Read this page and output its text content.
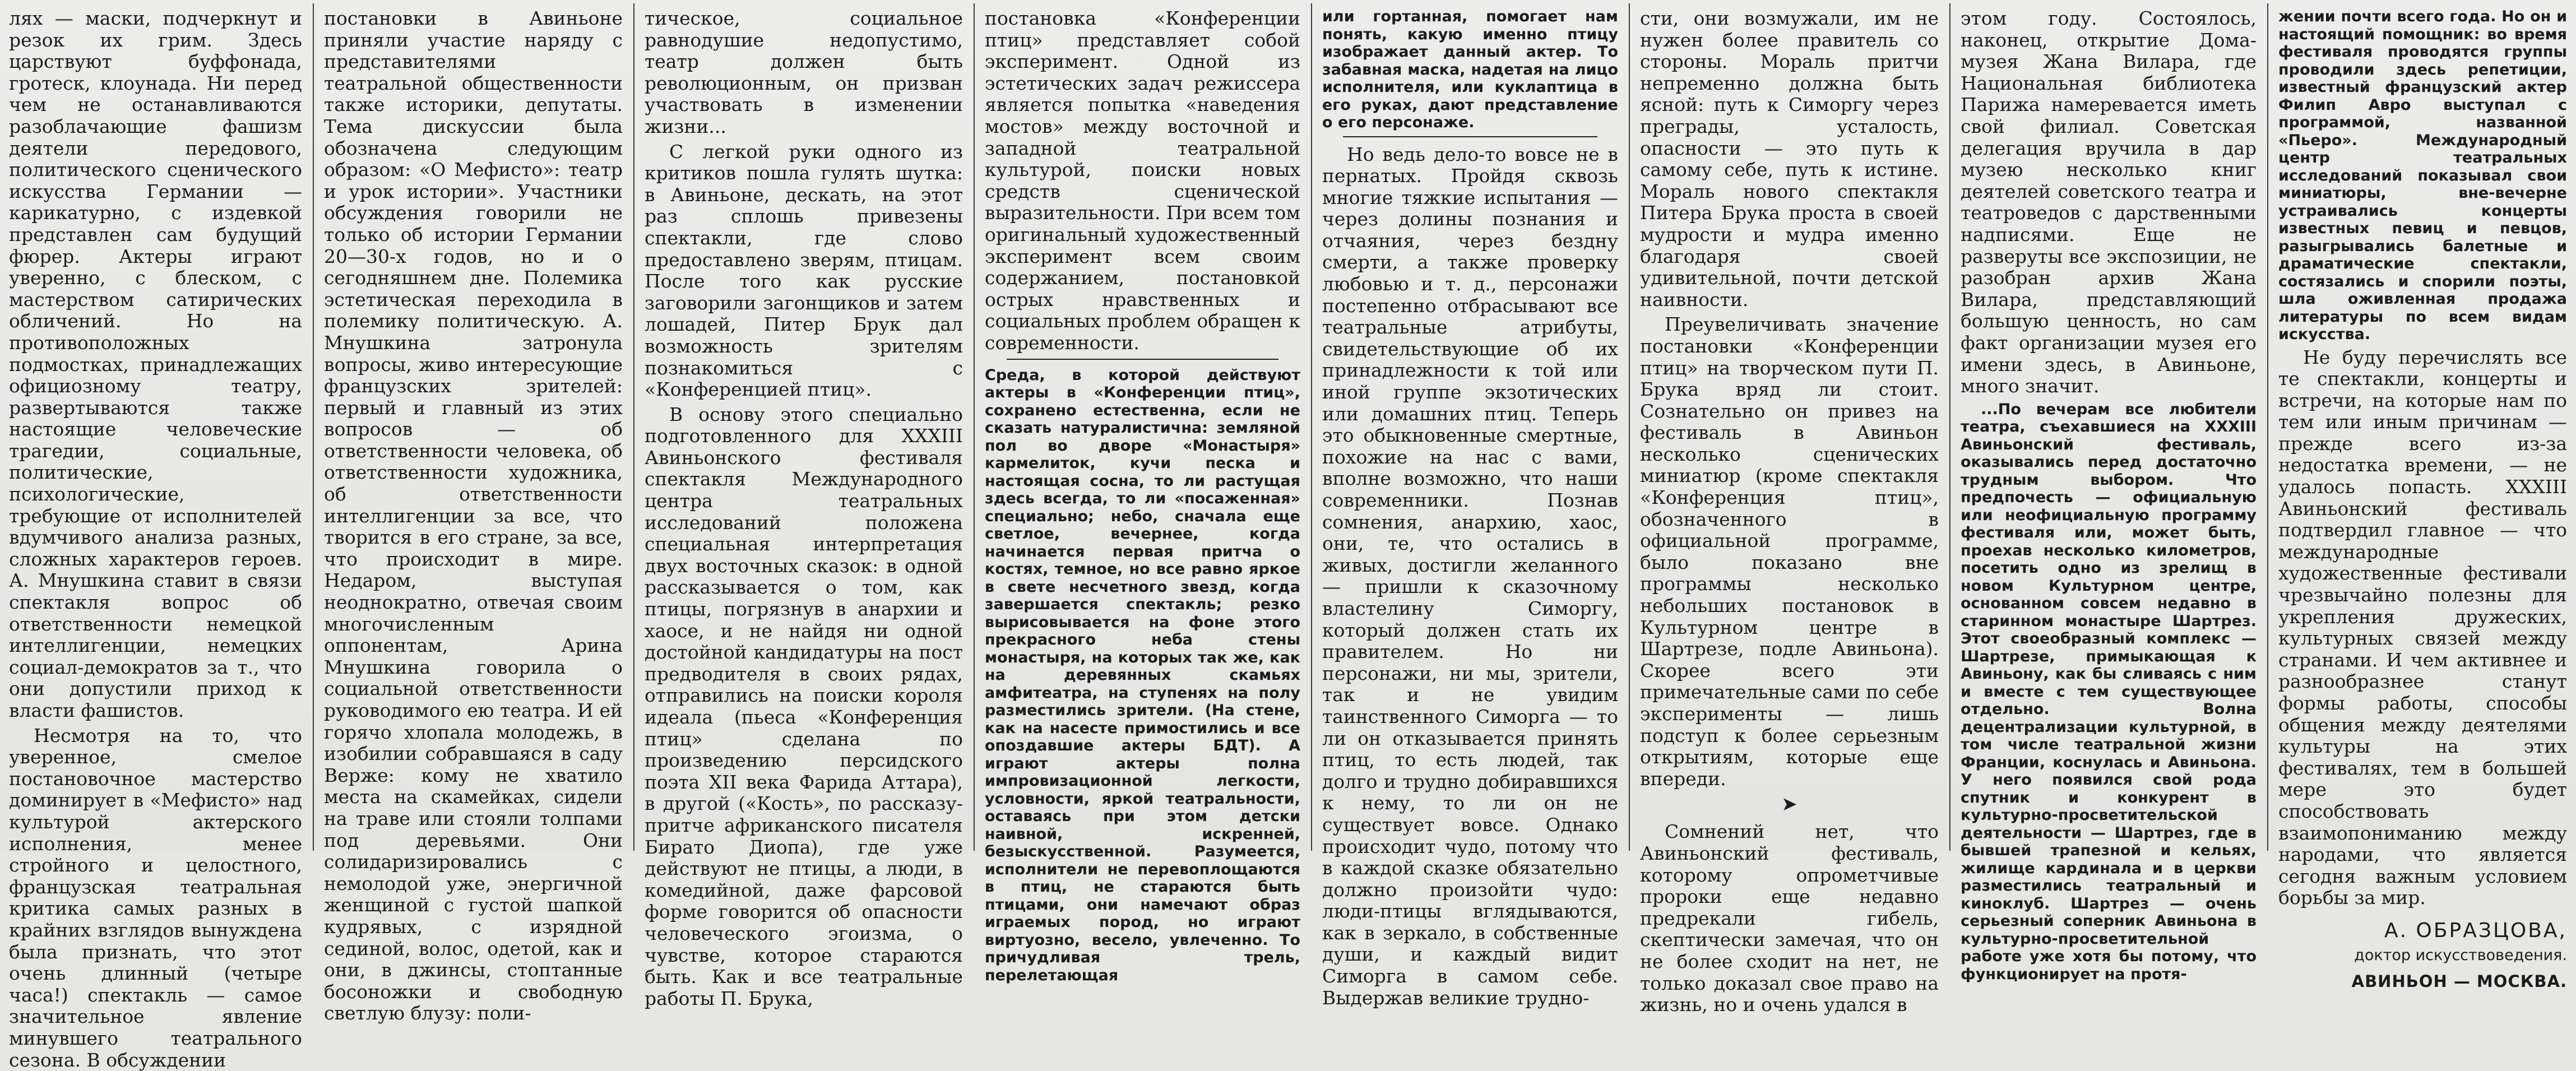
лях — маски, подчеркнут и резок их грим. Здесь царствуют буффонада, гротеск, клоунада. Ни перед чем не останавливаются разоблачающие фашизм деятели передового, политического сценического искусства Германии — карикатурно, с издевкой представлен сам будущий фюрер. Актеры играют уверенно, с блеском, с мастерством сатирических обличений. Но на противоположных подмостках, принадлежащих официозному театру, развертываются также настоящие человеческие трагедии, социальные, политические, психологические, требующие от исполнителей вдумчивого анализа разных, сложных характеров героев. А. Мнушкина ставит в связи спектакля вопрос об ответственности немецкой интеллигенции, немецких социал-демократов за т., что они допустили приход к власти фашистов.

Несмотря на то, что уверенное, смелое постановочное мастерство доминирует в «Мефисто» над культурой актерского исполнения, менее стройного и целостного, французская театральная критика самых разных в крайних взглядов вынуждена была признать, что этот очень длинный (четыре часа!) спектакль — самое значительное явление минувшего театрального сезона. В обсуждении

постановки в Авиньоне приняли участие наряду с представителями театральной общественности также историки, депутаты. Тема дискуссии была обозначена следующим образом: «О Мефисто»: театр и урок истории». Участники обсуждения говорили не только об истории Германии 20—30-х годов, но и о сегодняшнем дне. Полемика эстетическая переходила в полемику политическую. А. Мнушкина затронула вопросы, живо интересующие французских зрителей: первый и главный из этих вопросов — об ответственности человека, об ответственности художника, об ответственности интеллигенции за все, что творится в его стране, за все, что происходит в мире. Недаром, выступая неоднократно, отвечая своим многочисленным оппонентам, Арина Мнушкина говорила о социальной ответственности руководимого ею театра. И ей горячо хлопала молодежь, в изобилии собравшаяся в саду Верже: кому не хватило места на скамейках, сидели на траве или стояли толпами под деревьями. Они солидаризировались с немолодой уже, энергичной женщиной с густой шапкой кудрявых, с изрядной сединой, волос, одетой, как и они, в джинсы, стоптанные босоножки и свободную светлую блузу: поли-

тическое, социальное равнодушие недопустимо, театр должен быть революционным, он призван участвовать в изменении жизни...

С легкой руки одного из критиков пошла гулять шутка: в Авиньоне, дескать, на этот раз сплошь привезены спектакли, где слово предоставлено зверям, птицам. После того как русские заговорили загонщиков и затем лошадей, Питер Брук дал возможность зрителям познакомиться с «Конференцией птиц».

В основу этого специально подготовленного для XXXIII Авиньонского фестиваля спектакля Международного центра театральных исследований положена специальная интерпретация двух восточных сказок: в одной рассказывается о том, как птицы, погрязнув в анархии и хаосе, и не найдя ни одной достойной кандидатуры на пост предводителя в своих рядах, отправились на поиски короля идеала (пьеса «Конференция птиц» сделана по произведению персидского поэта XII века Фарида Аттара), в другой («Кость», по рассказу-притче африканского писателя Бирато Диопа), где уже действуют не птицы, а люди, в комедийной, даже фарсовой форме говорится об опасности человеческого эгоизма, о чувстве, которое стараются быть. Как и все театральные работы П. Брука,

постановка «Конференции птиц» представляет собой эксперимент. Одной из эстетических задач режиссера является попытка «наведения мостов» между восточной и западной театральной культурой, поиски новых средств сценической выразительности. При всем том оригинальный художественный эксперимент всем своим содержанием, постановкой острых нравственных и социальных проблем обращен к современности.

Среда, в которой действуют актеры в «Конференции птиц», сохранено естественна, если не сказать натуралистична: земляной пол во дворе «Монастыря» кармелиток, кучи песка и настоящая сосна, то ли растущая здесь всегда, то ли «посаженная» специально; небо, сначала еще светлое, вечернее, когда начинается первая притча о костях, темное, но все равно яркое в свете несчетного звезд, когда завершается спектакль; резко вырисовывается на фоне этого прекрасного неба стены монастыря, на которых так же, как на деревянных скамьях амфитеатра, на ступенях на полу разместились зрители. (На стене, как на насесте примостились и все опоздавшие актеры БДТ). А играют актеры полна импровизационной легкости, условности, яркой театральности, оставаясь при этом детски наивной, искренней, безыскусственной. Разумеется, исполнители не перевоплощаются в птиц, не стараются быть птицами, они намечают образ играемых пород, но играют виртуозно, весело, увлеченно. То причудливая трель, перелетающая

или гортанная, помогает нам понять, какую именно птицу изображает данный актер. То забавная маска, надетая на лицо исполнителя, или куклаптица в его руках, дают представление о его персонаже.

Но ведь дело-то вовсе не в пернатых. Пройдя сквозь многие тяжкие испытания — через долины познания и отчаяния, через бездну смерти, а также проверку любовью и т. д., персонажи постепенно отбрасывают все театральные атрибуты, свидетельствующие об их принадлежности к той или иной группе экзотических или домашних птиц. Теперь это обыкновенные смертные, похожие на нас с вами, вполне возможно, что наши современники. Познав сомнения, анархию, хаос, они, те, что остались в живых, достигли желанного — пришли к сказочному властелину Симоргу, который должен стать их правителем. Но ни персонажи, ни мы, зрители, так и не увидим таинственного Симорга — то ли он отказывается принять птиц, то есть людей, так долго и трудно добиравшихся к нему, то ли он не существует вовсе. Однако происходит чудо, потому что в каждой сказке обязательно должно произойти чудо: люди-птицы вглядываются, как в зеркало, в собственные души, и каждый видит Симорга в самом себе. Выдержав великие трудно-

сти, они возмужали, им не нужен более правитель со стороны. Мораль притчи непременно должна быть ясной: путь к Симоргу через преграды, усталость, опасности — это путь к самому себе, путь к истине. Мораль нового спектакля Питера Брука проста в своей мудрости и мудра именно благодаря своей удивительной, почти детской наивности.

Преувеличивать значение постановки «Конференции птиц» на творческом пути П. Брука вряд ли стоит. Сознательно он привез на фестиваль в Авиньон несколько сценических миниатюр (кроме спектакля «Конференция птиц», обозначенного в официальной программе, было показано вне программы несколько небольших постановок в Культурном центре в Шартрезе, подле Авиньона). Скорее всего эти примечательные сами по себе эксперименты — лишь подступ к более серьезным открытиям, которые еще впереди.

➤

Сомнений нет, что Авиньонский фестиваль, которому опрометчивые пророки еще недавно предрекали гибель, скептически замечая, что он не более сходит на нет, не только доказал свое право на жизнь, но и очень удался в

этом году. Состоялось, наконец, открытие Дома-музея Жана Вилара, где Национальная библиотека Парижа намеревается иметь свой филиал. Советская делегация вручила в дар музею несколько книг деятелей советского театра и театроведов с дарственными надписями. Еще не разверуты все экспозиции, не разобран архив Жана Вилара, представляющий большую ценность, но сам факт организации музея его имени здесь, в Авиньоне, много значит.

...По вечерам все любители театра, съехавшиеся на XXXIII Авиньонский фестиваль, оказывались перед достаточно трудным выбором. Что предпочесть — официальную или неофициальную программу фестиваля или, может быть, проехав несколько километров, посетить одно из зрелищ в новом Культурном центре, основанном совсем недавно в старинном монастыре Шартрез. Этот своеобразный комплекс — Шартрезе, примыкающая к Авиньону, как бы сливаясь с ним и вместе с тем существующее отдельно. Волна децентрализации культурной, в том числе театральной жизни Франции, коснулась и Авиньона. У него появился свой рода спутник и конкурент в культурно-просветительской деятельности — Шартрез, где в бывшей трапезной и кельях, жилище кардинала и в церкви разместились театральный и киноклуб. Шартрез — очень серьезный соперник Авиньона в культурно-просветительной работе уже хотя бы потому, что функционирует на протя-

жении почти всего года. Но он и настоящий помощник: во время фестиваля проводятся группы проводили здесь репетиции, известный французский актер Филип Авро выступал с программой, названной «Пьеро». Международный центр театральных исследований показывал свои миниатюры, вне-вечерне устраивались концерты известных певиц и певцов, разыгрывались балетные и драматические спектакли, состязались и спорили поэты, шла оживленная продажа литературы по всем видам искусства.

Не буду перечислять все те спектакли, концерты и встречи, на которые нам по тем или иным причинам — прежде всего из-за недостатка времени, — не удалось попасть. XXXIII Авиньонский фестиваль подтвердил главное — что международные художественные фестивали чрезвычайно полезны для укрепления дружеских, культурных связей между странами. И чем активнее и разнообразнее станут формы работы, способы общения между деятелями культуры на этих фестивалях, тем в большей мере это будет способствовать взаимопониманию между народами, что является сегодня важным условием борьбы за мир.

А. ОБРАЗЦОВА,
доктор искусствоведения.
АВИНЬОН — МОСКВА.
